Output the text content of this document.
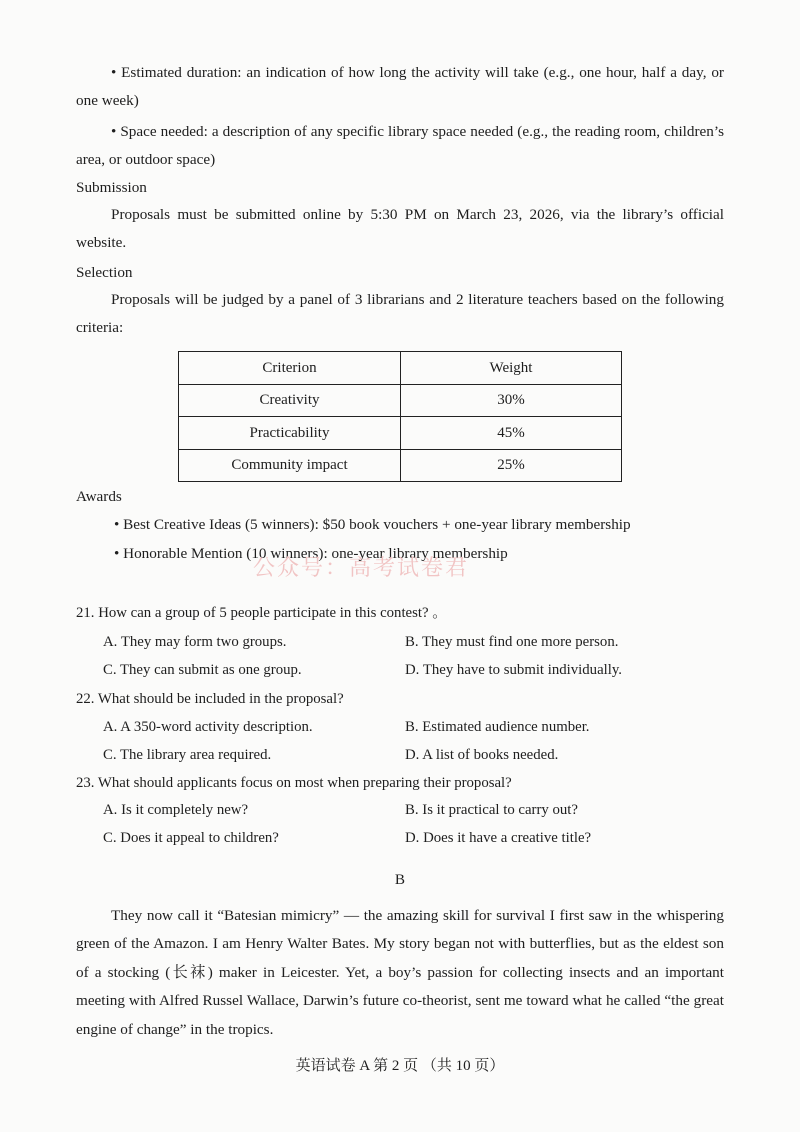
• Estimated duration: an indication of how long the activity will take (e.g., one hour, half a day, or one week)
• Space needed: a description of any specific library space needed (e.g., the reading room, children’s area, or outdoor space)
Submission
Proposals must be submitted online by 5:30 PM on March 23, 2026, via the library’s official website.
Selection
Proposals will be judged by a panel of 3 librarians and 2 literature teachers based on the following criteria:
Criterion	Weight
Creativity	30%
Practicability	45%
Community impact	25%
Awards
• Best Creative Ideas (5 winners): $50 book vouchers + one-year library membership
• Honorable Mention (10 winners): one-year library membership
公众号：高考试卷君
21. How can a group of 5 people participate in this contest? 。
A. They may form two groups.	B. They must find one more person.
C. They can submit as one group.	D. They have to submit individually.
22. What should be included in the proposal?
A. A 350-word activity description.	B. Estimated audience number.
C. The library area required.	D. A list of books needed.
23. What should applicants focus on most when preparing their proposal?
A. Is it completely new?	B. Is it practical to carry out?
C. Does it appeal to children?	D. Does it have a creative title?
B
They now call it “Batesian mimicry” — the amazing skill for survival I first saw in the whispering green of the Amazon. I am Henry Walter Bates. My story began not with butterflies, but as the eldest son of a stocking (长袜) maker in Leicester. Yet, a boy’s passion for collecting insects and an important meeting with Alfred Russel Wallace, Darwin’s future co-theorist, sent me toward what he called “the great engine of change” in the tropics.
英语试卷 A 第 2 页 （共 10 页）
